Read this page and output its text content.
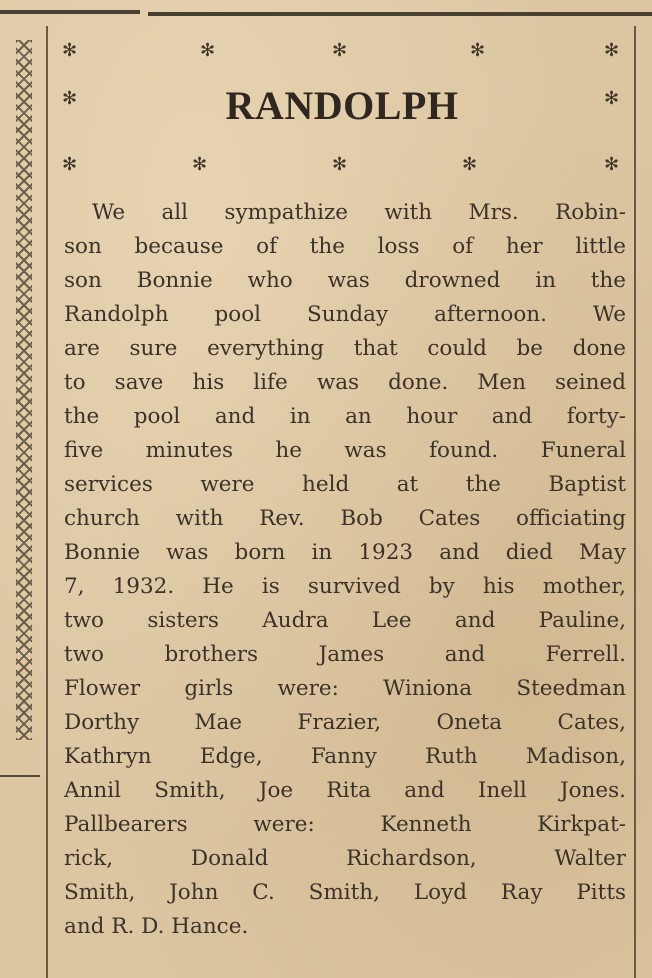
✻	✻	✻	✻	✻
✻	✻
RANDOLPH
✻	✻	✻	✻	✻
We all sympathize with Mrs. Robin-
son because of the loss of her little
son Bonnie who was drowned in the
Randolph pool Sunday afternoon. We
are sure everything that could be done
to save his life was done. Men seined
the pool and in an hour and forty-
five minutes he was found. Funeral
services were held at the Baptist
church with Rev. Bob Cates officiating
Bonnie was born in 1923 and died May
7, 1932. He is survived by his mother,
two sisters Audra Lee and Pauline,
two brothers James and Ferrell.
Flower girls were: Winiona Steedman
Dorthy Mae Frazier, Oneta Cates,
Kathryn Edge, Fanny Ruth Madison,
Annil Smith, Joe Rita and Inell Jones.
Pallbearers were: Kenneth Kirkpat-
rick, Donald Richardson, Walter
Smith, John C. Smith, Loyd Ray Pitts
and R. D. Hance.
